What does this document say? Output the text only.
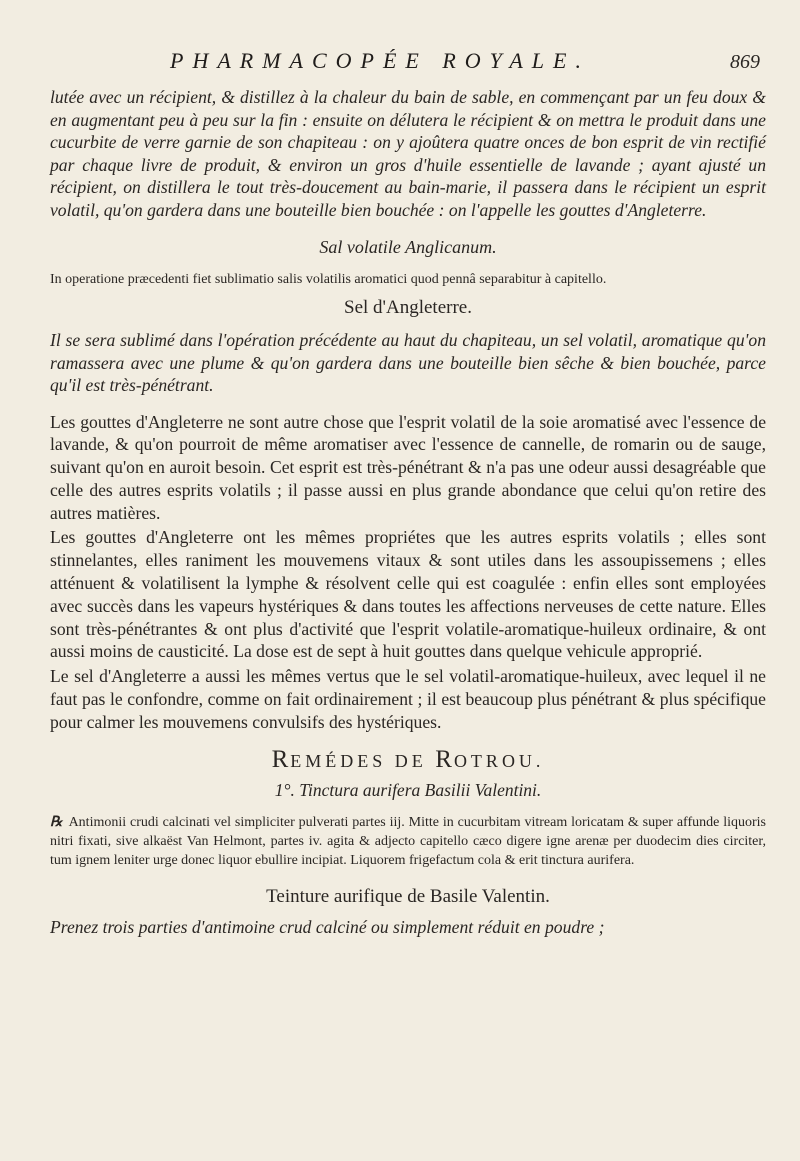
PHARMACOPÉE ROYALE.	869

lutée avec un récipient, & distillez à la chaleur du bain de sable, en commençant par un feu doux & en augmentant peu à peu sur la fin : ensuite on délutera le récipient & on mettra le produit dans une cucurbite de verre garnie de son chapiteau : on y ajoûtera quatre onces de bon esprit de vin rectifié par chaque livre de produit, & environ un gros d'huile essentielle de lavande ; ayant ajusté un récipient, on distillera le tout très-doucement au bain-marie, il passera dans le récipient un esprit volatil, qu'on gardera dans une bouteille bien bouchée : on l'appelle les gouttes d'Angleterre.

Sal volatile Anglicanum.

In operatione præcedenti fiet sublimatio salis volatilis aromatici quod pennâ separabitur à capitello.

Sel d'Angleterre.

Il se sera sublimé dans l'opération précédente au haut du chapiteau, un sel volatil, aromatique qu'on ramassera avec une plume & qu'on gardera dans une bouteille bien sêche & bien bouchée, parce qu'il est très-pénétrant.

Les gouttes d'Angleterre ne sont autre chose que l'esprit volatil de la soie aromatisé avec l'essence de lavande, & qu'on pourroit de même aromatiser avec l'essence de cannelle, de romarin ou de sauge, suivant qu'on en auroit besoin. Cet esprit est très-pénétrant & n'a pas une odeur aussi desagréable que celle des autres esprits volatils ; il passe aussi en plus grande abondance que celui qu'on retire des autres matières.

Les gouttes d'Angleterre ont les mêmes propriétes que les autres esprits volatils ; elles sont stinnelantes, elles raniment les mouvemens vitaux & sont utiles dans les assoupissemens ; elles atténuent & volatilisent la lymphe & résolvent celle qui est coagulée : enfin elles sont employées avec succès dans les vapeurs hystériques & dans toutes les affections nerveuses de cette nature. Elles sont très-pénétrantes & ont plus d'activité que l'esprit volatile-aromatique-huileux ordinaire, & ont aussi moins de causticité. La dose est de sept à huit gouttes dans quelque vehicule approprié.

Le sel d'Angleterre a aussi les mêmes vertus que le sel volatil-aromatique-huileux, avec lequel il ne faut pas le confondre, comme on fait ordinairement ; il est beaucoup plus pénétrant & plus spécifique pour calmer les mouvemens convulsifs des hystériques.

REMÉDES DE ROTROU.

1°. Tinctura aurifera Basilii Valentini.

℞ Antimonii crudi calcinati vel simpliciter pulverati partes iij. Mitte in cucurbitam vitream loricatam & super affunde liquoris nitri fixati, sive alkaëst Van Helmont, partes iv. agita & adjecto capitello cæco digere igne arenæ per duodecim dies circiter, tum ignem leniter urge donec liquor ebullire incipiat. Liquorem frigefactum cola & erit tinctura aurifera.

Teinture aurifique de Basile Valentin.

Prenez trois parties d'antimoine crud calciné ou simplement réduit en poudre ;
